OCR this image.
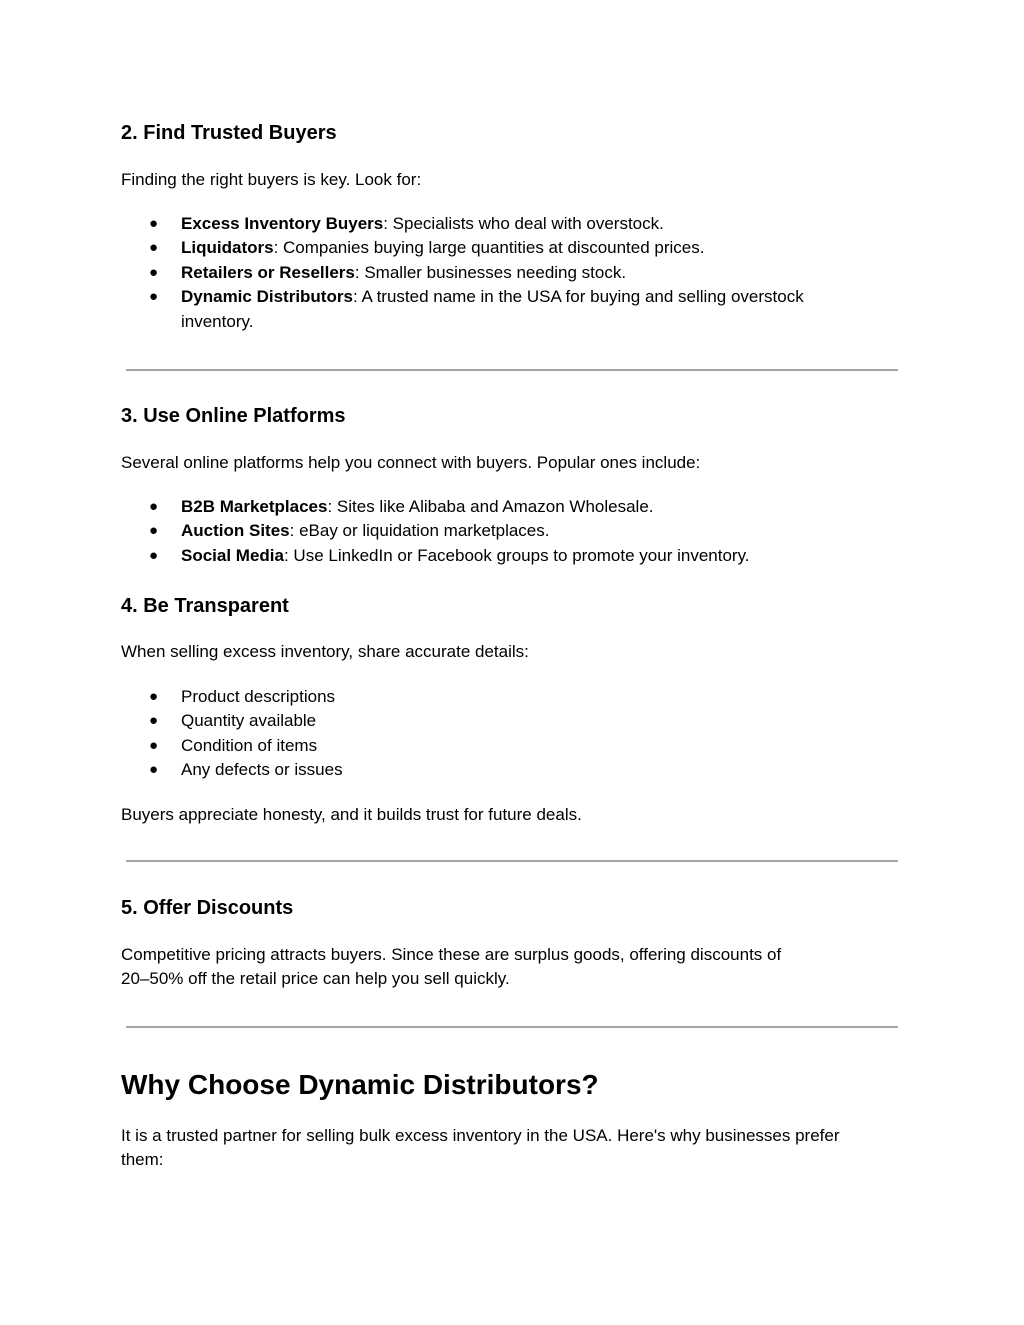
2. Find Trusted Buyers

Finding the right buyers is key. Look for:

● Excess Inventory Buyers: Specialists who deal with overstock.
● Liquidators: Companies buying large quantities at discounted prices.
● Retailers or Resellers: Smaller businesses needing stock.
● Dynamic Distributors: A trusted name in the USA for buying and selling overstock inventory.
3. Use Online Platforms

Several online platforms help you connect with buyers. Popular ones include:

● B2B Marketplaces: Sites like Alibaba and Amazon Wholesale.
● Auction Sites: eBay or liquidation marketplaces.
● Social Media: Use LinkedIn or Facebook groups to promote your inventory.
4. Be Transparent

When selling excess inventory, share accurate details:

● Product descriptions
● Quantity available
● Condition of items
● Any defects or issues

Buyers appreciate honesty, and it builds trust for future deals.

5. Offer Discounts

Competitive pricing attracts buyers. Since these are surplus goods, offering discounts of

20–50% off the retail price can help you sell quickly.

Why Choose Dynamic Distributors?

It is a trusted partner for selling bulk excess inventory in the USA. Here's why businesses prefer

them:
